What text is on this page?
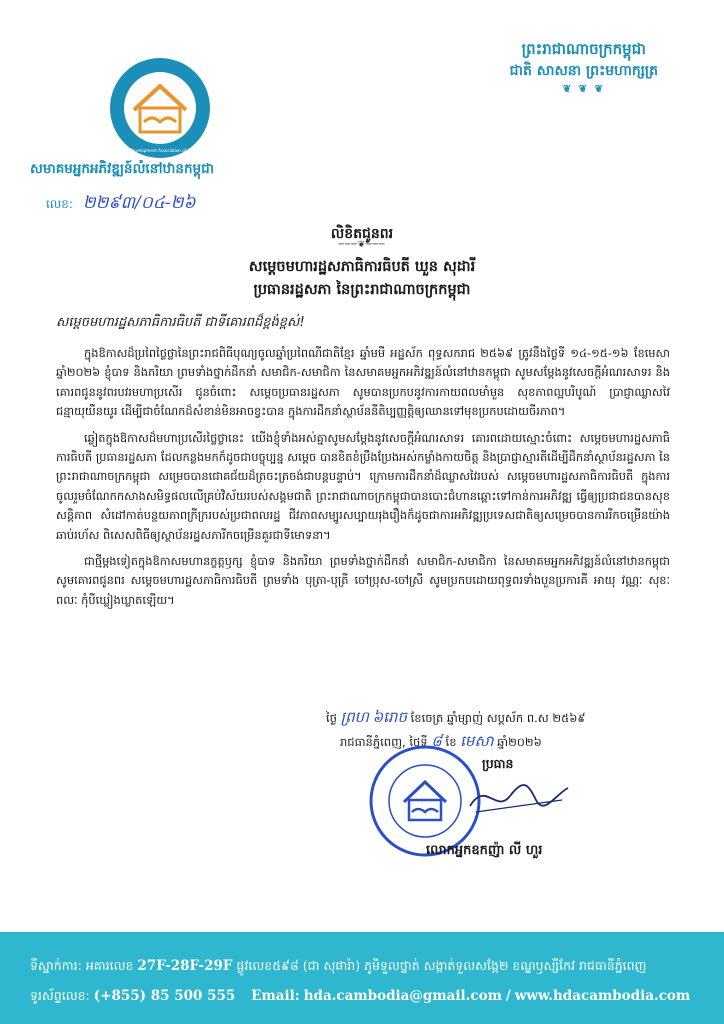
Housing Development Association of Cambodia
ព្រះរាជាណាចក្រកម្ពុជា
ជាតិ សាសនា ព្រះមហាក្សត្រ
❦ ❦ ❦
សមាគមអ្នកអភិវឌ្ឍន៍លំនៅឋានកម្ពុជា
លេខ: ២២៩៣/០៤-២៦
លិខិតជូនពរ
───❦───
សម្តេចមហារដ្ឋសភាធិការធិបតី ឃួន សុដារី
ប្រធានរដ្ឋសភា នៃព្រះរាជាណាចក្រកម្ពុជា
សម្តេចមហារដ្ឋសភាធិការធិបតី ជាទីគោរពដ៏ខ្ពង់ខ្ពស់!

ក្នុងឱកាសដ៏ប្រពៃថ្លៃថ្លានៃព្រះរាជពិធីបុណ្យចូលឆ្នាំប្រពៃណីជាតិខ្មែរ ឆ្នាំមមី អដ្ឋស័ក ពុទ្ធសករាជ ២៥៦៩ ត្រូវនឹងថ្ងៃទី ១៤-១៥-១៦ ខែមេសា ឆ្នាំ២០២៦ ខ្ញុំបាទ និងភរិយា ព្រមទាំងថ្នាក់ដឹកនាំ សមាជិក-សមាជិកា នៃសមាគមអ្នកអភិវឌ្ឍន៍លំនៅឋានកម្ពុជា សូមសម្តែងនូវសេចក្តីអំណរសាទរ និងគោរពជូននូវពរបវរមហាប្រសើរ ជូនចំពោះ សម្តេចប្រធានរដ្ឋសភា សូមបានប្រកបនូវការកាយពលមាំមួន សុខភាពល្អបរិបូណ៍ ប្រាជ្ញាឈ្លាសវៃ ជន្មាយុយឺនយូរ ដើម្បីជាចំណែកដ៏សំខាន់មិនអាចខ្វះបាន ក្នុងការដឹកនាំស្ថាប័ននីតិប្បញ្ញត្តិឲ្យឈានទៅមុខប្រកបដោយចីរភាព។

ឆ្លៀតក្នុងឱកាសដ៏មហាប្រសើរថ្លៃថ្លានេះ យើងខ្ញុំទាំងអស់គ្នាសូមសម្តែងនូវសេចក្តីអំណរសាទរ គោរពដោយស្មោះចំពោះ សម្តេចមហារដ្ឋសភាធិការធិបតី ប្រធានរដ្ឋសភា ដែលកន្លងមកក៏ដូចជាបច្ចុប្បន្ន សម្តេច បានខិតខំប្រឹងប្រែងអស់កម្លាំងកាយចិត្ត និងប្រាជ្ញាស្មារតីដើម្បីដឹកនាំស្ថាប័នរដ្ឋសភា នៃព្រះរាជាណាចក្រកម្ពុជា សម្រេចបានជោគជ័យដ៏ត្រចះត្រចង់ជាបន្តបន្ទាប់។ ក្រោមការដឹកនាំដ៏ឈ្លាសវៃរបស់ សម្តេចមហារដ្ឋសភាធិការធិបតី ក្នុងការចូលរួមចំណែកកសាងសមិទ្ធផលលើគ្រប់វិស័យរបស់សង្គមជាតិ ព្រះរាជាណាចក្រកម្ពុជាបានបោះជំហានឆ្ពោះទៅកាន់ការអភិវឌ្ឍ ធ្វើឲ្យប្រជាជនបានសុខសន្តិភាព សំដៅកាត់បន្ថយភាពក្រីក្ររបស់ប្រជាពលរដ្ឋ ជីវភាពសម្បូរសប្បាយរុងរឿងក៏ដូចជាការអភិវឌ្ឍប្រទេសជាតិឲ្យសម្រេចបានការរីកចម្រើនយ៉ាងឆាប់រហ័ស ពិសេសពិធីឲ្យស្ថាប័នរដ្ឋសភារីកចម្រើនគួរជាទីមោទនា។

ជាថ្មីម្តងទៀតក្នុងឱកាសមហានក្ខត្តឫក្ស ខ្ញុំបាទ និងភរិយា ព្រមទាំងថ្នាក់ដឹកនាំ សមាជិក-សមាជិកា នៃសមាគមអ្នកអភិវឌ្ឍន៍លំនៅឋានកម្ពុជា សូមគោរពជូនពរ សម្តេចមហារដ្ឋសភាធិការធិបតី ព្រមទាំង បុត្រា-បុត្រី ចៅប្រុស-ចៅស្រី សូមប្រកបដោយពុទ្ធពរទាំងបួនប្រការគឺ អាយុ វណ្ណៈ សុខៈ ពលៈ កុំបីឃ្លៀងឃ្លាតឡើយ។

ថ្ងៃ ព្រហ ៦រោច ខែចេត្រ ឆ្នាំម្សាញ់ សប្តស័ក ព.ស ២៥៦៩
រាជធានីភ្នំពេញ, ថ្ងៃទី ៨ ខែ មេសា ឆ្នាំ២០២៦
ប្រធាន
លោកអ្នកឧកញ៉ា លី ហួរ
ទីស្នាក់ការ: អគារលេខ 27F-28F-29F ផ្លូវលេខ៥៩៨ (ជា សុផារ៉ា) ភូមិទួលថ្នាត់ សង្កាត់ទួលសង្កែ២ ខណ្ឌឫស្សីកែវ រាជធានីភ្នំពេញ
ទូរស័ព្ទលេខ: (+855) 85 500 555 Email: hda.cambodia@gmail.com / www.hdacambodia.com
